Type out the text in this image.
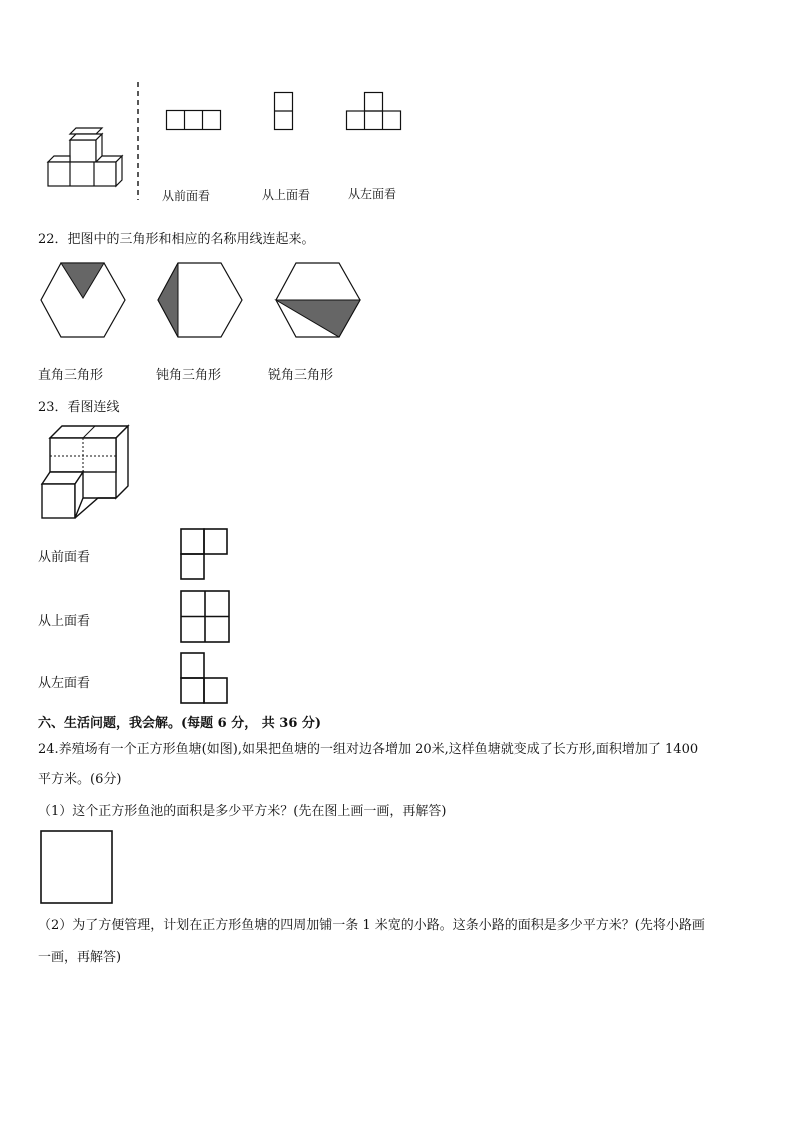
从前面看	从上面看	从左面看
22．把图中的三角形和相应的名称用线连起来。
直角三角形	钝角三角形	锐角三角形
23．看图连线
从前面看
从上面看
从左面看
六、生活问题，我会解。(每题 6 分， 共 36 分)
24.养殖场有一个正方形鱼塘(如图),如果把鱼塘的一组对边各增加 20米,这样鱼塘就变成了长方形,面积增加了 1400
平方米。(6分)
（1）这个正方形鱼池的面积是多少平方米？(先在图上画一画，再解答)
（2）为了方便管理，计划在正方形鱼塘的四周加铺一条 1 米宽的小路。这条小路的面积是多少平方米？(先将小路画
一画，再解答)
